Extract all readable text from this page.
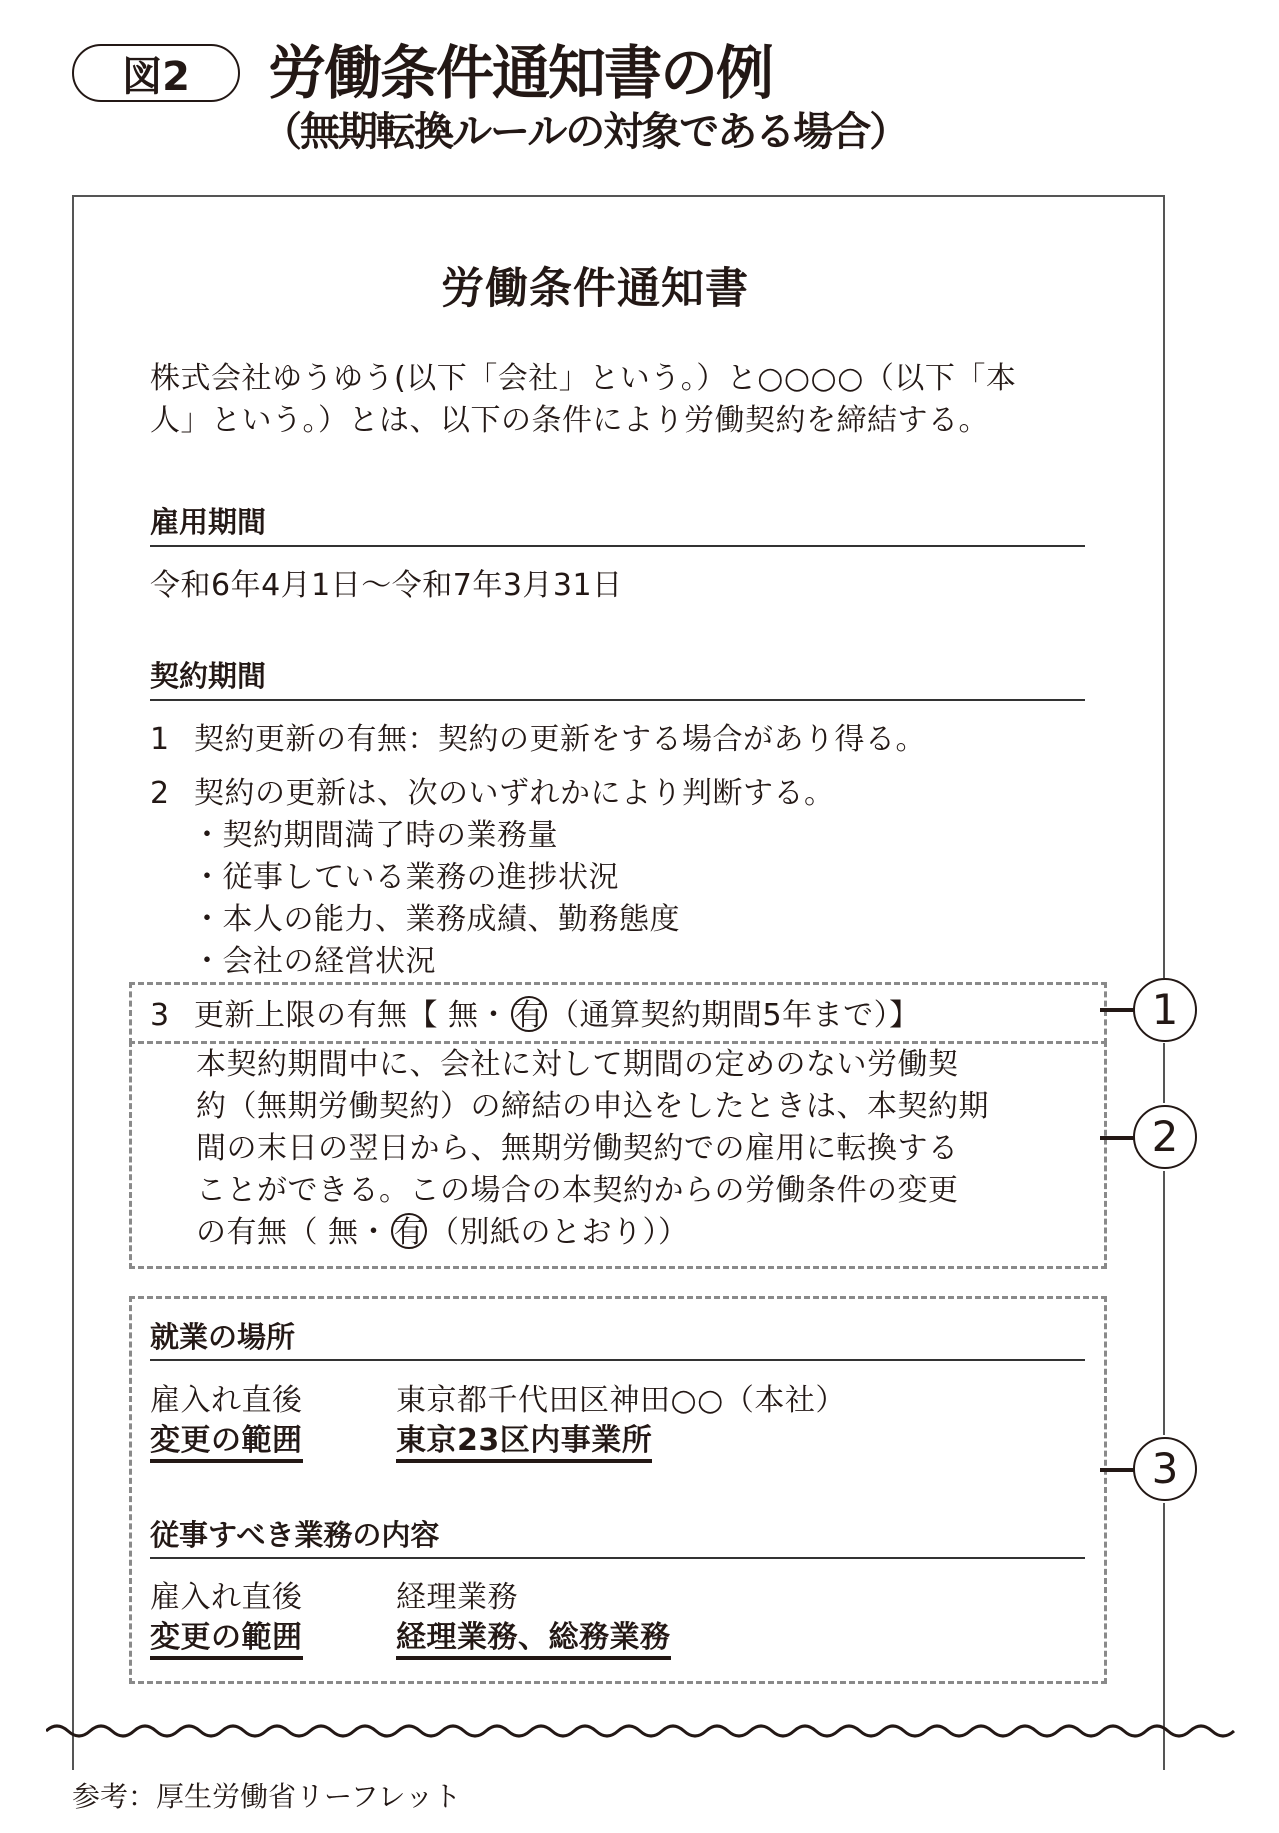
図2 労働条件通知書の例
（無期転換ルールの対象である場合）
労働条件通知書
株式会社ゆうゆう(以下「会社」という。）と○○○○（以下「本
人」という。）とは、以下の条件により労働契約を締結する。
雇用期間
令和6年4月1日～令和7年3月31日
契約期間
1 契約更新の有無：契約の更新をする場合があり得る。
2 契約の更新は、次のいずれかにより判断する。
・契約期間満了時の業務量
・従事している業務の進捗状況
・本人の能力、業務成績、勤務態度
・会社の経営状況
3 更新上限の有無【 無・ 有 （通算契約期間5年まで）】
本契約期間中に、会社に対して期間の定めのない労働契
約（無期労働契約）の締結の申込をしたときは、本契約期
間の末日の翌日から、無期労働契約での雇用に転換する
ことができる。この場合の本契約からの労働条件の変更
の有無（ 無・ 有 （別紙のとおり））
就業の場所
雇入れ直後	東京都千代田区神田○○（本社）
変更の範囲	東京23区内事業所
従事すべき業務の内容
雇入れ直後	経理業務
変更の範囲	経理業務、総務業務
1
2
3
参考：厚生労働省リーフレット
